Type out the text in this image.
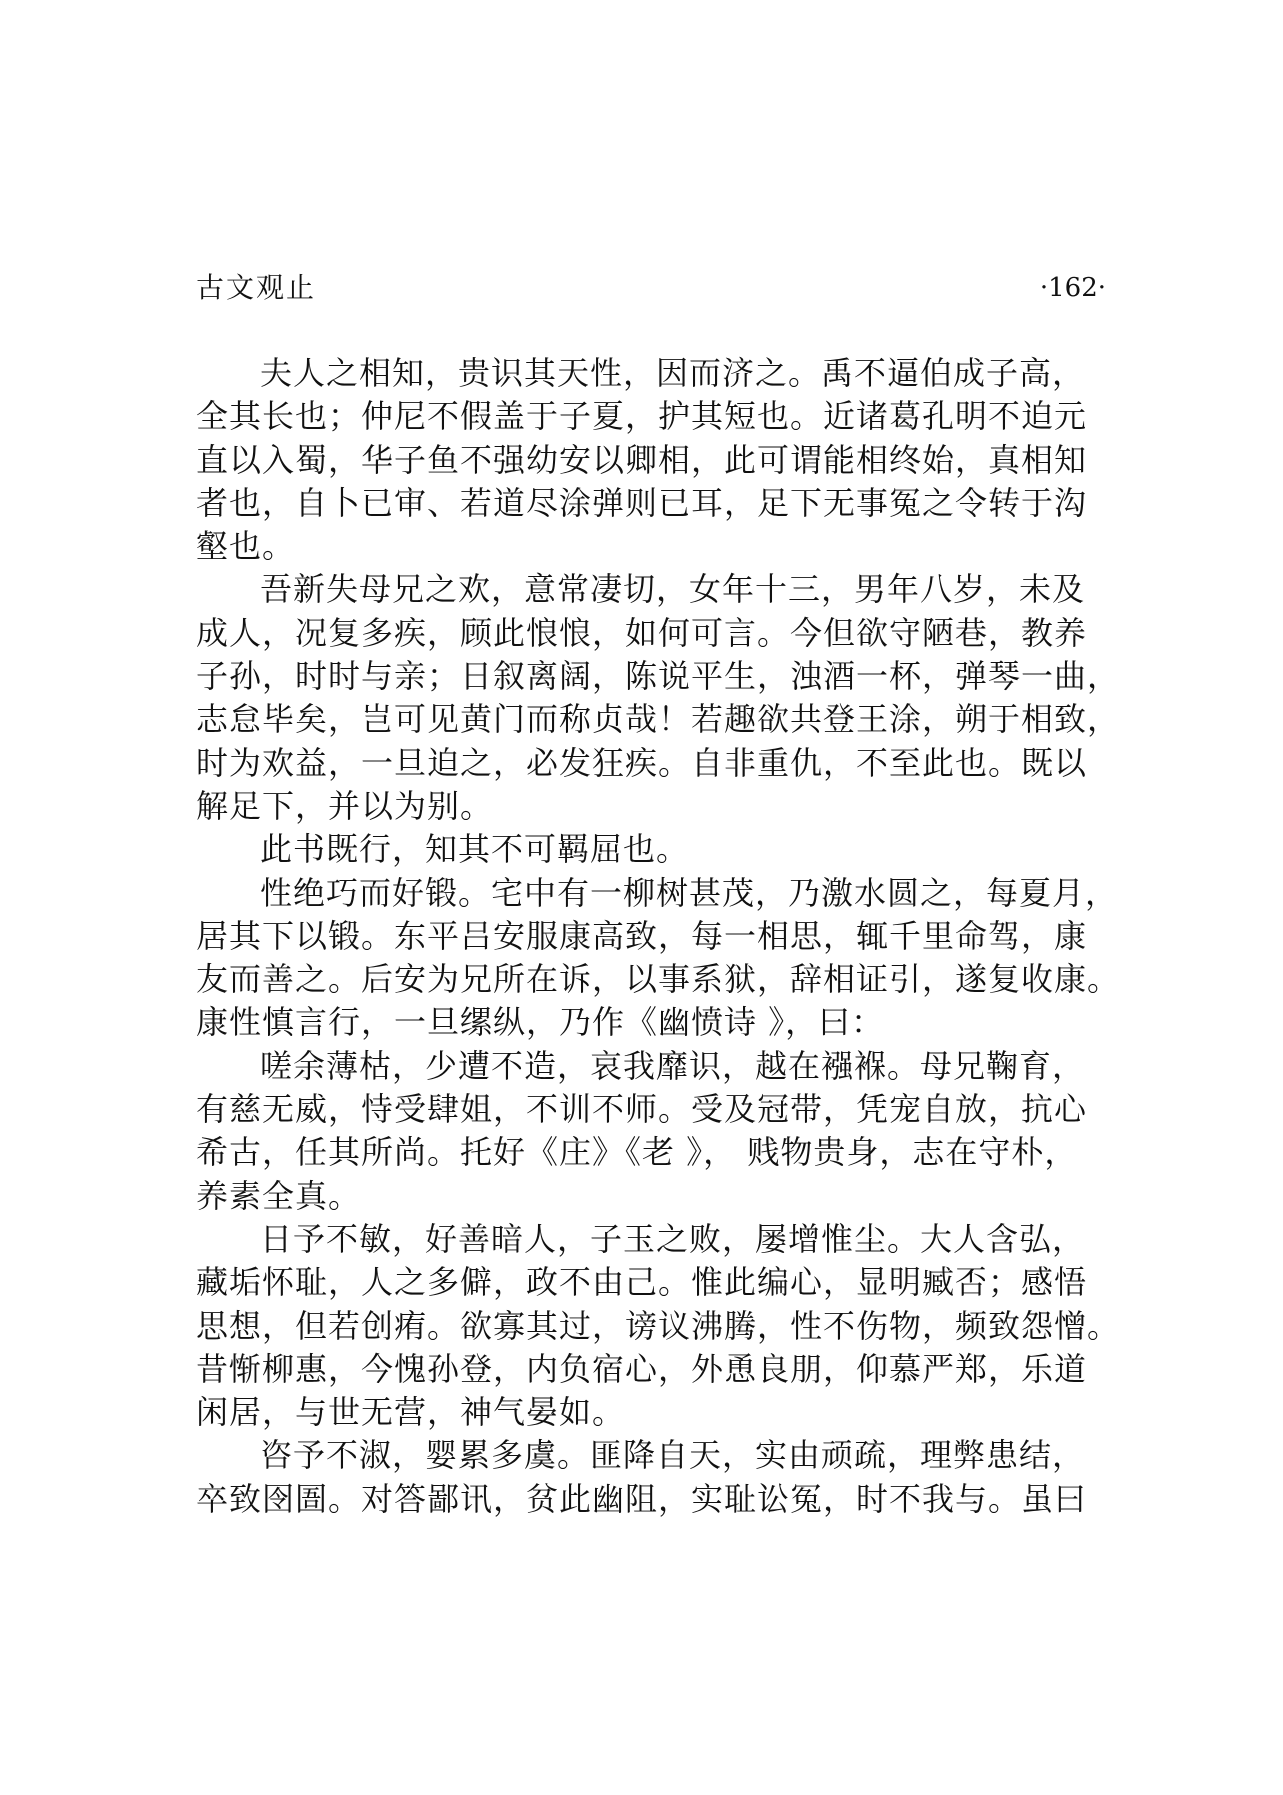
古文观止	·162·
夫人之相知，贵识其天性，因而济之。禹不逼伯成子高，
全其长也；仲尼不假盖于子夏，护其短也。近诸葛孔明不迫元
直以入蜀，华子鱼不强幼安以卿相，此可谓能相终始，真相知
者也，自卜已审、若道尽涂弹则已耳，足下无事冤之令转于沟
壑也。
吾新失母兄之欢，意常凄切，女年十三，男年八岁，未及
成人，况复多疾，顾此悢悢，如何可言。今但欲守陋巷，教养
子孙，时时与亲；日叙离阔，陈说平生，浊酒一杯，弹琴一曲，
志怠毕矣，岂可见黄门而称贞哉！若趣欲共登王涂，朔于相致，
时为欢益，一旦迫之，必发狂疾。自非重仇，不至此也。既以
解足下，并以为别。
此书既行，知其不可羁屈也。
性绝巧而好锻。宅中有一柳树甚茂，乃激水圆之，每夏月，
居其下以锻。东平吕安服康高致，每一相思，辄千里命驾，康
友而善之。后安为兄所在诉，以事系狱，辞相证引，遂复收康。
康性慎言行，一旦缧纵，乃作《幽愤诗 》，曰：
嗟余薄枯，少遭不造，哀我靡识，越在襁褓。母兄鞠育，
有慈无威，恃受肆姐，不训不师。受及冠带，凭宠自放，抗心
希古，任其所尚。托好《庄》《老 》， 贱物贵身，志在守朴，
养素全真。
日予不敏，好善暗人，子玉之败，屡增惟尘。大人含弘，
藏垢怀耻，人之多僻，政不由己。惟此编心，显明臧否；感悟
思想，但若创痏。欲寡其过，谤议沸腾，性不伤物，频致怨憎。
昔惭柳惠，今愧孙登，内负宿心，外恿良朋，仰慕严郑，乐道
闲居，与世无营，神气晏如。
咨予不淑，婴累多虞。匪降自天，实由顽疏，理弊患结，
卒致囹圄。对答鄙讯，贫此幽阻，实耻讼冤，时不我与。虽曰
